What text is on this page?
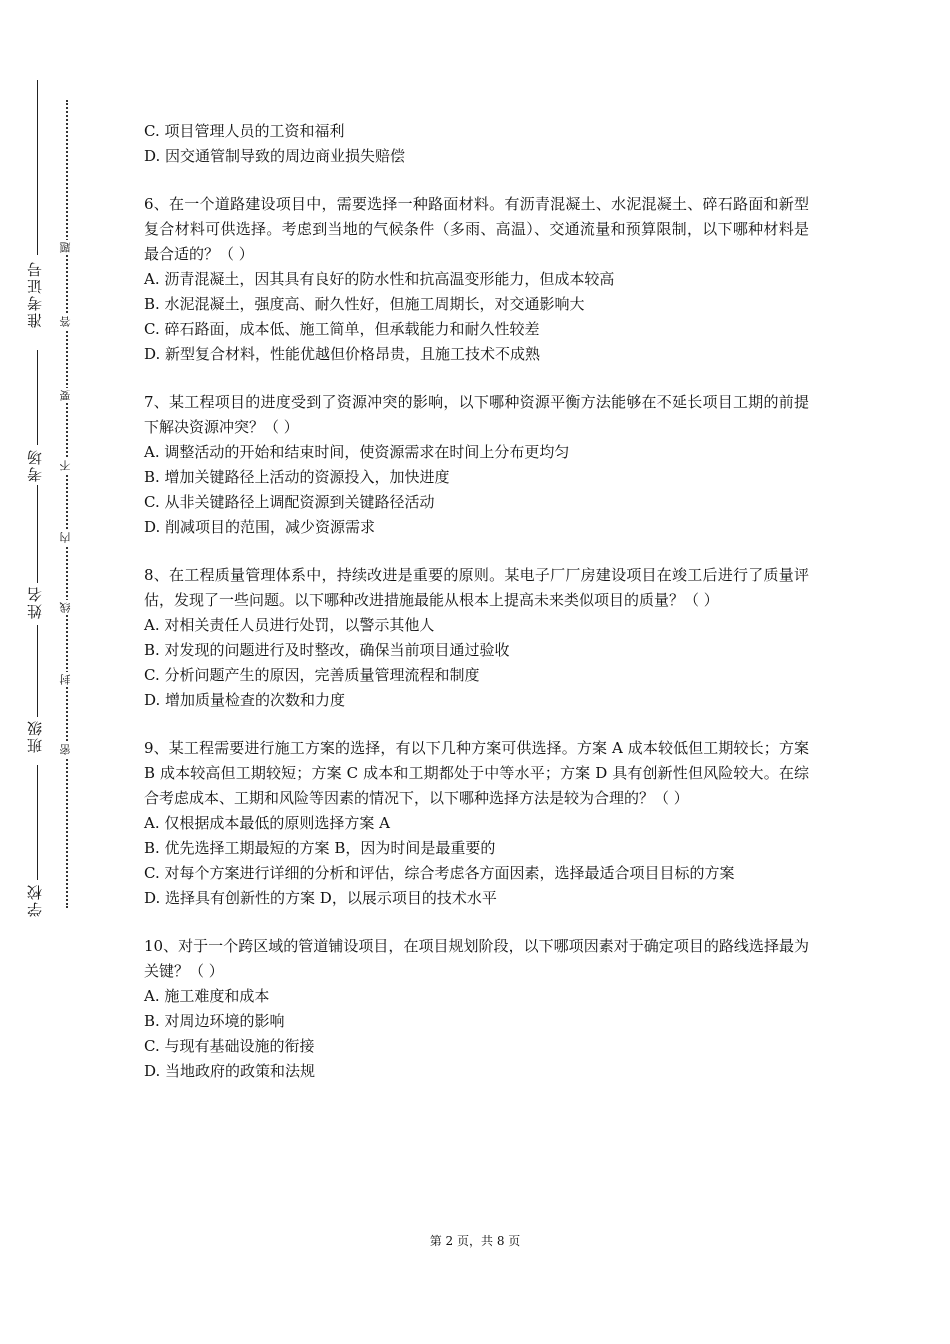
准考证号
考场
姓名
班级
学校
题
答
要
不
内
线
封
密
C. 项目管理人员的工资和福利
D. 因交通管制导致的周边商业损失赔偿
6、在一个道路建设项目中，需要选择一种路面材料。有沥青混凝土、水泥混凝土、碎石路面和新型复合材料可供选择。考虑到当地的气候条件（多雨、高温）、交通流量和预算限制，以下哪种材料是最合适的？（ ）
A. 沥青混凝土，因其具有良好的防水性和抗高温变形能力，但成本较高
B. 水泥混凝土，强度高、耐久性好，但施工周期长，对交通影响大
C. 碎石路面，成本低、施工简单，但承载能力和耐久性较差
D. 新型复合材料，性能优越但价格昂贵，且施工技术不成熟
7、某工程项目的进度受到了资源冲突的影响，以下哪种资源平衡方法能够在不延长项目工期的前提下解决资源冲突？（ ）
A. 调整活动的开始和结束时间，使资源需求在时间上分布更均匀
B. 增加关键路径上活动的资源投入，加快进度
C. 从非关键路径上调配资源到关键路径活动
D. 削减项目的范围，减少资源需求
8、在工程质量管理体系中，持续改进是重要的原则。某电子厂厂房建设项目在竣工后进行了质量评估，发现了一些问题。以下哪种改进措施最能从根本上提高未来类似项目的质量？（ ）
A. 对相关责任人员进行处罚，以警示其他人
B. 对发现的问题进行及时整改，确保当前项目通过验收
C. 分析问题产生的原因，完善质量管理流程和制度
D. 增加质量检查的次数和力度
9、某工程需要进行施工方案的选择，有以下几种方案可供选择。方案 A 成本较低但工期较长；方案 B 成本较高但工期较短；方案 C 成本和工期都处于中等水平；方案 D 具有创新性但风险较大。在综合考虑成本、工期和风险等因素的情况下，以下哪种选择方法是较为合理的？（ ）
A. 仅根据成本最低的原则选择方案 A
B. 优先选择工期最短的方案 B，因为时间是最重要的
C. 对每个方案进行详细的分析和评估，综合考虑各方面因素，选择最适合项目目标的方案
D. 选择具有创新性的方案 D，以展示项目的技术水平
10、对于一个跨区域的管道铺设项目，在项目规划阶段，以下哪项因素对于确定项目的路线选择最为关键？（ ）
A. 施工难度和成本
B. 对周边环境的影响
C. 与现有基础设施的衔接
D. 当地政府的政策和法规
第 2 页，共 8 页
